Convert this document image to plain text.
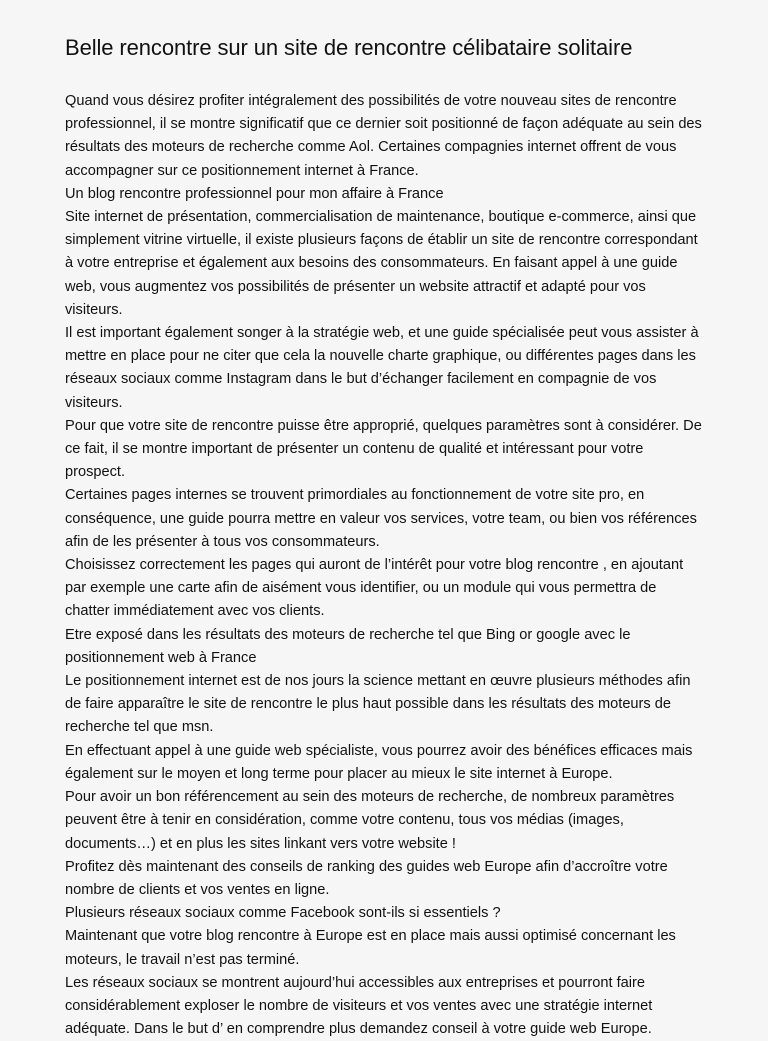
Belle rencontre sur un site de rencontre célibataire solitaire

Quand vous désirez profiter intégralement des possibilités de votre nouveau sites de rencontre professionnel, il se montre significatif que ce dernier soit positionné de façon adéquate au sein des résultats des moteurs de recherche comme Aol. Certaines compagnies internet offrent de vous accompagner sur ce positionnement internet à France.

Un blog rencontre professionnel pour mon affaire à France

Site internet de présentation, commercialisation de maintenance, boutique e-commerce, ainsi que simplement vitrine virtuelle, il existe plusieurs façons de établir un site de rencontre correspondant à votre entreprise et également aux besoins des consommateurs. En faisant appel à une guide web, vous augmentez vos possibilités de présenter un website attractif et adapté pour vos visiteurs.

Il est important également songer à la stratégie web, et une guide spécialisée peut vous assister à mettre en place pour ne citer que cela la nouvelle charte graphique, ou différentes pages dans les réseaux sociaux comme Instagram dans le but d’échanger facilement en compagnie de vos visiteurs.

Pour que votre site de rencontre puisse être approprié, quelques paramètres sont à considérer. De ce fait, il se montre important de présenter un contenu de qualité et intéressant pour votre prospect.

Certaines pages internes se trouvent primordiales au fonctionnement de votre site pro, en conséquence, une guide pourra mettre en valeur vos services, votre team, ou bien vos références afin de les présenter à tous vos consommateurs.

Choisissez correctement les pages qui auront de l’intérêt pour votre blog rencontre , en ajoutant par exemple une carte afin de aisément vous identifier, ou un module qui vous permettra de chatter immédiatement avec vos clients.

Etre exposé dans les résultats des moteurs de recherche tel que Bing or google avec le positionnement web à France

Le positionnement internet est de nos jours la science mettant en œuvre plusieurs méthodes afin de faire apparaître le site de rencontre le plus haut possible dans les résultats des moteurs de recherche tel que msn.

En effectuant appel à une guide web spécialiste, vous pourrez avoir des bénéfices efficaces mais également sur le moyen et long terme pour placer au mieux le site internet à Europe.

Pour avoir un bon référencement au sein des moteurs de recherche, de nombreux paramètres peuvent être à tenir en considération, comme votre contenu, tous vos médias (images, documents…) et en plus les sites linkant vers votre website !

Profitez dès maintenant des conseils de ranking des guides web Europe afin d’accroître votre nombre de clients et vos ventes en ligne.

Plusieurs réseaux sociaux comme Facebook sont-ils si essentiels ?

Maintenant que votre blog rencontre à Europe est en place mais aussi optimisé concernant les moteurs, le travail n’est pas terminé.

Les réseaux sociaux se montrent aujourd’hui accessibles aux entreprises et pourront faire considérablement exploser le nombre de visiteurs et vos ventes avec une stratégie internet adéquate. Dans le but d’ en comprendre plus demandez conseil à votre guide web Europe.
